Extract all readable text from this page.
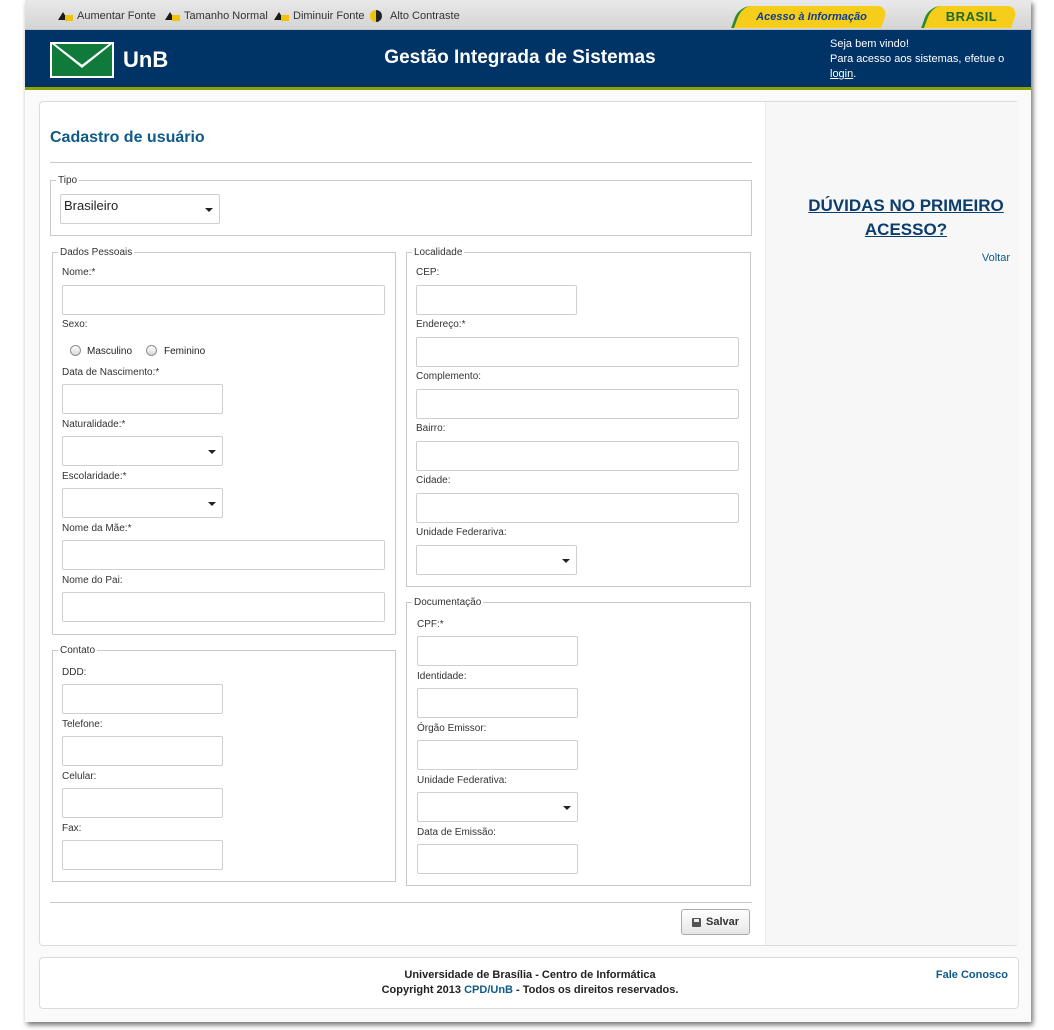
Aumentar Fonte	Tamanho Normal Diminuir Fonte Alto Contraste	Acesso à Informação	BRASIL
UnB	Gestão Integrada de Sistemas
Seja bem vindo!
Para acesso aos sistemas, efetue o
login.
Cadastro de usuário
Tipo
Brasileiro
Dados Pessoais
Nome:*
Sexo:
Masculino	Feminino
Data de Nascimento:*
Naturalidade:*
Escolaridade:*
Nome da Mãe:*
Nome do Pai:
Contato
DDD:
Telefone:
Celular:
Fax:
Localidade
CEP:
Endereço:*
Complemento:
Bairro:
Cidade:
Unidade Federariva:
Documentação
CPF:*
Identidade:
Órgão Emissor:
Unidade Federativa:
Data de Emissão:
Salvar
DÚVIDAS NO PRIMEIRO
ACESSO?
Voltar
Universidade de Brasília - Centro de Informática
Copyright 2013 CPD/UnB - Todos os direitos reservados.
Fale Conosco
